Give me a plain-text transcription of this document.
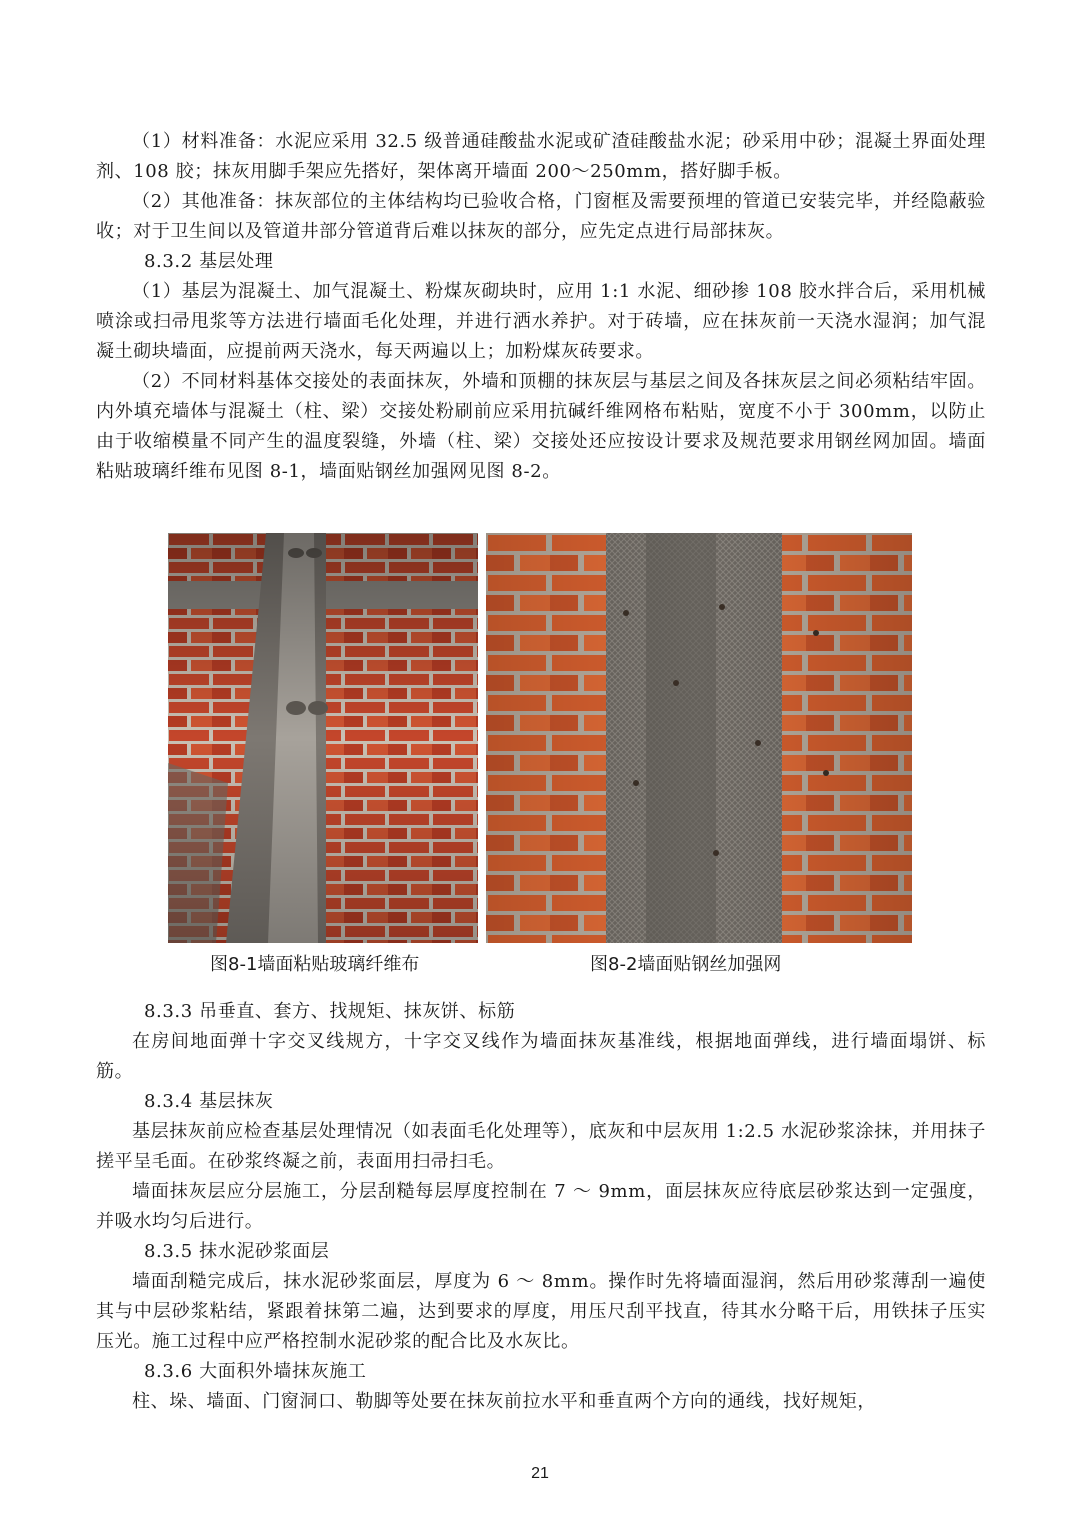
（1）材料准备：水泥应采用 32.5 级普通硅酸盐水泥或矿渣硅酸盐水泥；砂采用中砂；混凝土界面处理剂、108 胶；抹灰用脚手架应先搭好，架体离开墙面 200～250mm，搭好脚手板。

（2）其他准备：抹灰部位的主体结构均已验收合格，门窗框及需要预埋的管道已安装完毕，并经隐蔽验收；对于卫生间以及管道井部分管道背后难以抹灰的部分，应先定点进行局部抹灰。

8.3.2 基层处理

（1）基层为混凝土、加气混凝土、粉煤灰砌块时，应用 1:1 水泥、细砂掺 108 胶水拌合后，采用机械喷涂或扫帚甩浆等方法进行墙面毛化处理，并进行洒水养护。对于砖墙，应在抹灰前一天浇水湿润；加气混凝土砌块墙面，应提前两天浇水，每天两遍以上；加粉煤灰砖要求。

（2）不同材料基体交接处的表面抹灰，外墙和顶棚的抹灰层与基层之间及各抹灰层之间必须粘结牢固。内外填充墙体与混凝土（柱、梁）交接处粉刷前应采用抗碱纤维网格布粘贴，宽度不小于 300mm，以防止由于收缩模量不同产生的温度裂缝，外墙（柱、梁）交接处还应按设计要求及规范要求用钢丝网加固。墙面粘贴玻璃纤维布见图 8-1，墙面贴钢丝加强网见图 8-2。

图8-1墙面粘贴玻璃纤维布	图8-2墙面贴钢丝加强网

8.3.3 吊垂直、套方、找规矩、抹灰饼、标筋

在房间地面弹十字交叉线规方，十字交叉线作为墙面抹灰基准线，根据地面弹线，进行墙面塌饼、标筋。

8.3.4 基层抹灰

基层抹灰前应检查基层处理情况（如表面毛化处理等），底灰和中层灰用 1:2.5 水泥砂浆涂抹，并用抹子搓平呈毛面。在砂浆终凝之前，表面用扫帚扫毛。

墙面抹灰层应分层施工，分层刮糙每层厚度控制在 7 ～ 9mm，面层抹灰应待底层砂浆达到一定强度，并吸水均匀后进行。

8.3.5 抹水泥砂浆面层

墙面刮糙完成后，抹水泥砂浆面层，厚度为 6 ～ 8mm。操作时先将墙面湿润，然后用砂浆薄刮一遍使其与中层砂浆粘结，紧跟着抹第二遍，达到要求的厚度，用压尺刮平找直，待其水分略干后，用铁抹子压实压光。施工过程中应严格控制水泥砂浆的配合比及水灰比。

8.3.6 大面积外墙抹灰施工

柱、垛、墙面、门窗洞口、勒脚等处要在抹灰前拉水平和垂直两个方向的通线，找好规矩，

21
